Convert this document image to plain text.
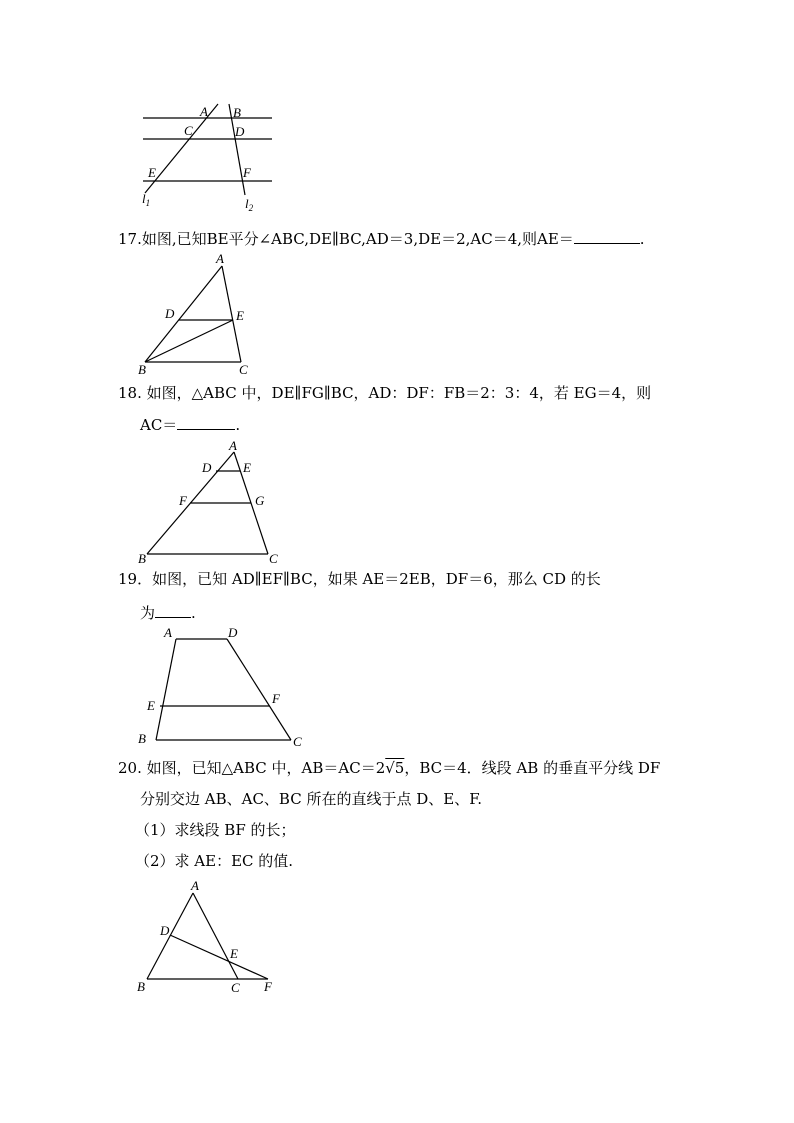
A B
C	D
E	F
$l_1$	$l_2$
A
D	E
B	C
A
D E
F	G
B	C
A	D
E	F
B	C
A
D
E
B	C F
17.如图,已知BE平分∠ABC,DE∥BC,AD＝3,DE＝2,AC＝4,则AE＝	.
18. 如图，△ABC 中，DE∥FG∥BC，AD：DF：FB＝2：3：4，若 EG＝4，则
AC＝	.
19．如图，已知 AD∥EF∥BC，如果 AE＝2EB，DF＝6，那么 CD 的长
为 .
20. 如图，已知△ABC 中，AB＝AC＝2√5，BC＝4．线段 AB 的垂直平分线 DF
分别交边 AB、AC、BC 所在的直线于点 D、E、F.
（1）求线段 BF 的长；
（2）求 AE：EC 的值.
